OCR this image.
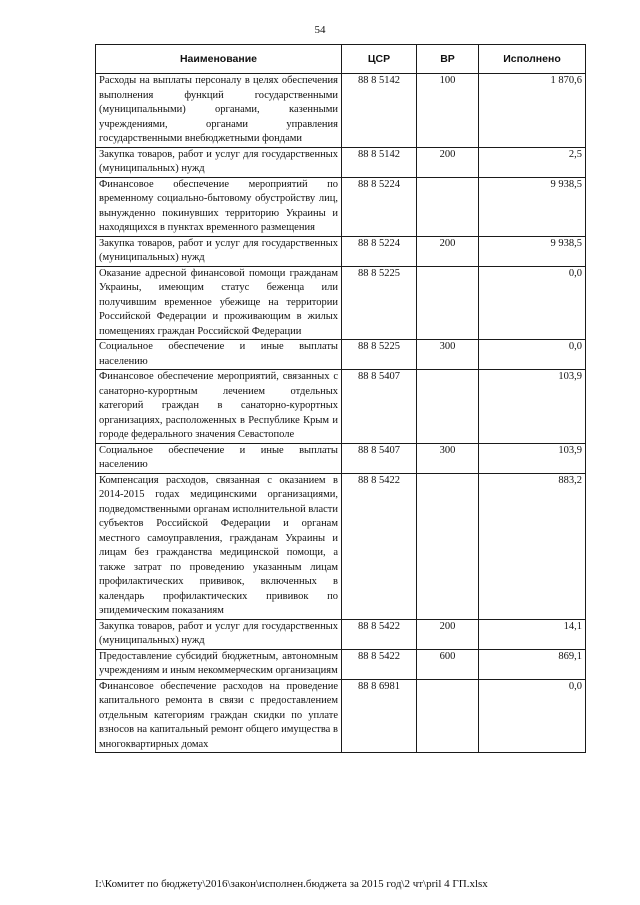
54
Наименование	ЦСР	ВР	Исполнено
Расходы на выплаты персоналу в целях обеспечения выполнения функций государственными (муниципальными) органами, казенными учреждениями, органами управления государственными внебюджетными фондами	88 8 5142	100	1 870,6
Закупка товаров, работ и услуг для государственных (муниципальных) нужд	88 8 5142	200	2,5
Финансовое обеспечение мероприятий по временному социально-бытовому обустройству лиц, вынужденно покинувших территорию Украины и находящихся в пунктах временного размещения	88 8 5224		9 938,5
Закупка товаров, работ и услуг для государственных (муниципальных) нужд	88 8 5224	200	9 938,5
Оказание адресной финансовой помощи гражданам Украины, имеющим статус беженца или получившим временное убежище на территории Российской Федерации и проживающим в жилых помещениях граждан Российской Федерации	88 8 5225		0,0
Социальное обеспечение и иные выплаты населению	88 8 5225	300	0,0
Финансовое обеспечение мероприятий, связанных с санаторно-курортным лечением отдельных категорий граждан в санаторно-курортных организациях, расположенных в Республике Крым и городе федерального значения Севастополе	88 8 5407		103,9
Социальное обеспечение и иные выплаты населению	88 8 5407	300	103,9
Компенсация расходов, связанная с оказанием в 2014-2015 годах медицинскими организациями, подведомственными органам исполнительной власти субъектов Российской Федерации и органам местного самоуправления, гражданам Украины и лицам без гражданства медицинской помощи, а также затрат по проведению указанным лицам профилактических прививок, включенных в календарь профилактических прививок по эпидемическим показаниям	88 8 5422		883,2
Закупка товаров, работ и услуг для государственных (муниципальных) нужд	88 8 5422	200	14,1
Предоставление субсидий бюджетным, автономным учреждениям и иным некоммерческим организациям	88 8 5422	600	869,1
Финансовое обеспечение расходов на проведение капитального ремонта в связи с предоставлением отдельным категориям граждан скидки по уплате взносов на капитальный ремонт общего имущества в многоквартирных домах	88 8 6981		0,0
I:\Комитет по бюджету\2016\закон\исполнен.бюджета за 2015 год\2 чт\pril 4 ГП.xlsx
